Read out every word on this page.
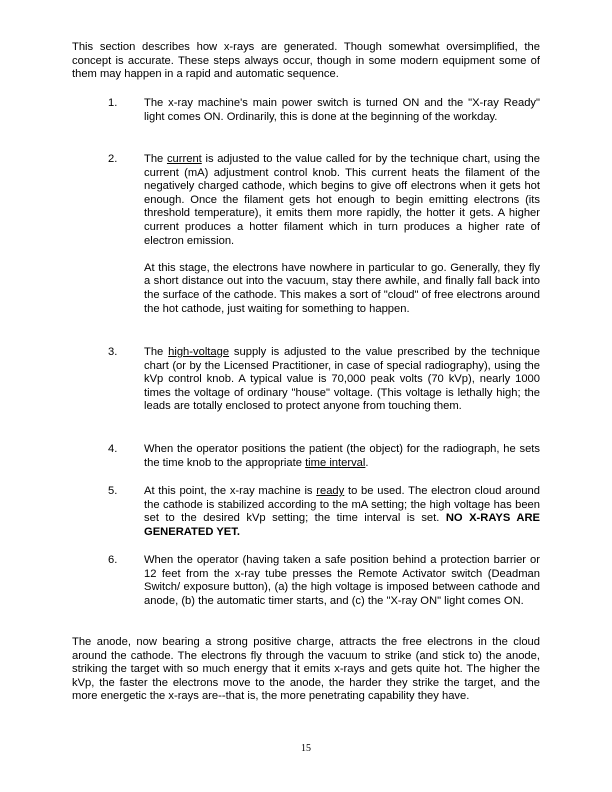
This section describes how x-rays are generated. Though somewhat oversimplified, the concept is accurate. These steps always occur, though in some modern equipment some of them may happen in a rapid and automatic sequence.

1.	The x-ray machine's main power switch is turned ON and the "X-ray Ready" light comes ON. Ordinarily, this is done at the beginning of the workday.

2.	The current is adjusted to the value called for by the technique chart, using the current (mA) adjustment control knob. This current heats the filament of the negatively charged cathode, which begins to give off electrons when it gets hot enough. Once the filament gets hot enough to begin emitting electrons (its threshold temperature), it emits them more rapidly, the hotter it gets. A higher current produces a hotter filament which in turn produces a higher rate of electron emission.

At this stage, the electrons have nowhere in particular to go. Generally, they fly a short distance out into the vacuum, stay there awhile, and finally fall back into the surface of the cathode. This makes a sort of "cloud" of free electrons around the hot cathode, just waiting for something to happen.

3.	The high-voltage supply is adjusted to the value prescribed by the technique chart (or by the Licensed Practitioner, in case of special radiography), using the kVp control knob. A typical value is 70,000 peak volts (70 kVp), nearly 1000 times the voltage of ordinary "house" voltage. (This voltage is lethally high; the leads are totally enclosed to protect anyone from touching them.

4.	When the operator positions the patient (the object) for the radiograph, he sets the time knob to the appropriate time interval.

5.	At this point, the x-ray machine is ready to be used. The electron cloud around the cathode is stabilized according to the mA setting; the high voltage has been set to the desired kVp setting; the time interval is set. NO X-RAYS ARE GENERATED YET.

6.	When the operator (having taken a safe position behind a protection barrier or 12 feet from the x-ray tube presses the Remote Activator switch (Deadman Switch/ exposure button), (a) the high voltage is imposed between cathode and anode, (b) the automatic timer starts, and (c) the "X-ray ON" light comes ON.

The anode, now bearing a strong positive charge, attracts the free electrons in the cloud around the cathode. The electrons fly through the vacuum to strike (and stick to) the anode, striking the target with so much energy that it emits x-rays and gets quite hot. The higher the kVp, the faster the electrons move to the anode, the harder they strike the target, and the more energetic the x-rays are--that is, the more penetrating capability they have.

15
